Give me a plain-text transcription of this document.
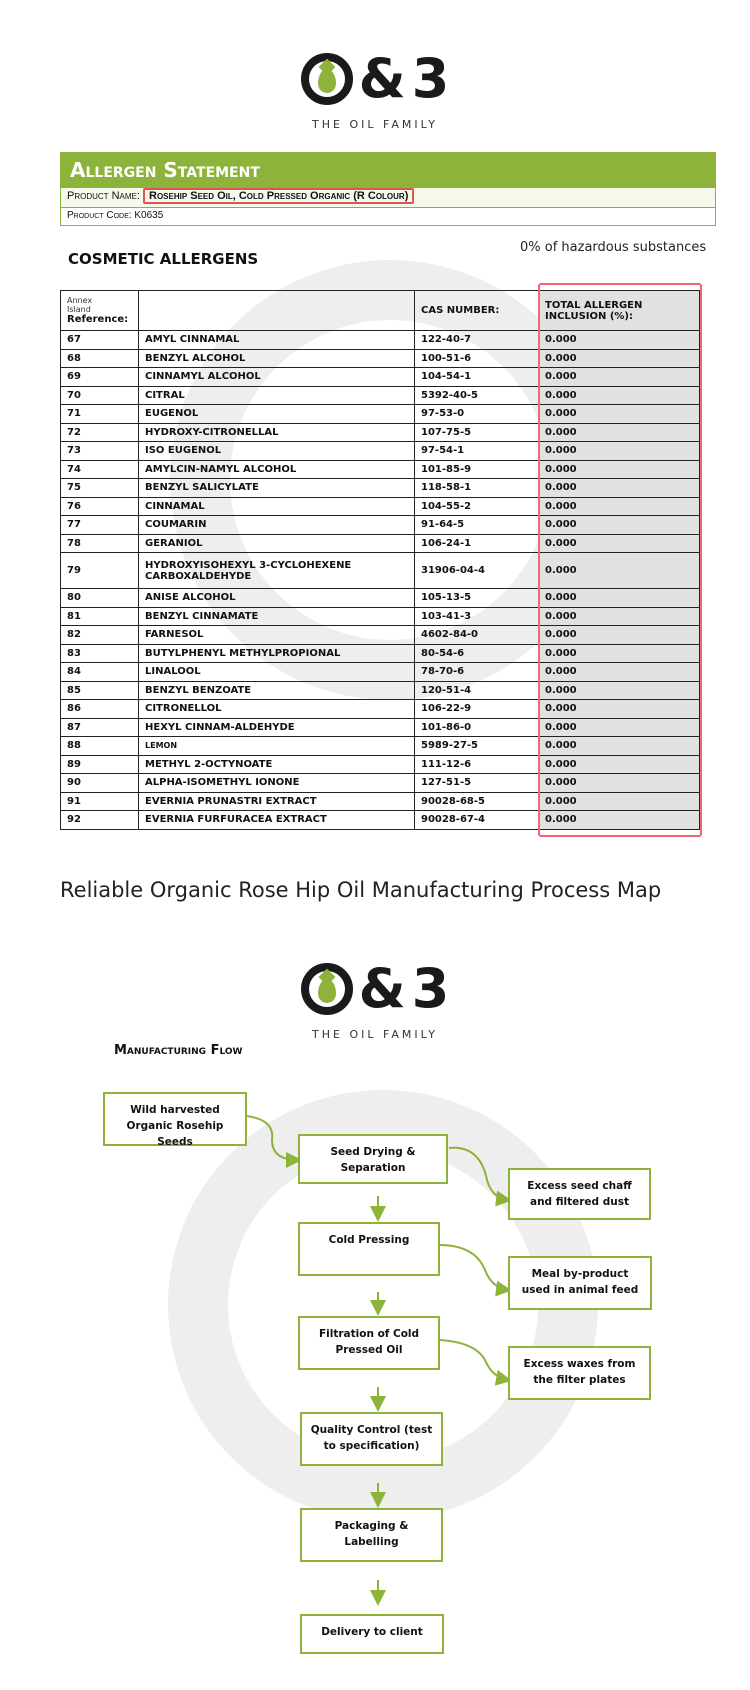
& 3
THE OIL FAMILY
Allergen Statement
Product Name: Rosehip Seed Oil, Cold Pressed Organic (R Colour)
Product Code: K0635
COSMETIC ALLERGENS
0% of hazardous substances
Annex
Island
Reference:		CAS NUMBER:	TOTAL ALLERGEN INCLUSION (%):
67	AMYL CINNAMAL	122-40-7	0.000
68	BENZYL ALCOHOL	100-51-6	0.000
69	CINNAMYL ALCOHOL	104-54-1	0.000
70	CITRAL	5392-40-5	0.000
71	EUGENOL	97-53-0	0.000
72	HYDROXY-CITRONELLAL	107-75-5	0.000
73	ISO EUGENOL	97-54-1	0.000
74	AMYLCIN-NAMYL ALCOHOL	101-85-9	0.000
75	BENZYL SALICYLATE	118-58-1	0.000
76	CINNAMAL	104-55-2	0.000
77	COUMARIN	91-64-5	0.000
78	GERANIOL	106-24-1	0.000
79	HYDROXYISOHEXYL 3-CYCLOHEXENE CARBOXALDEHYDE	31906-04-4	0.000
80	ANISE ALCOHOL	105-13-5	0.000
81	BENZYL CINNAMATE	103-41-3	0.000
82	FARNESOL	4602-84-0	0.000
83	BUTYLPHENYL METHYLPROPIONAL	80-54-6	0.000
84	LINALOOL	78-70-6	0.000
85	BENZYL BENZOATE	120-51-4	0.000
86	CITRONELLOL	106-22-9	0.000
87	HEXYL CINNAM-ALDEHYDE	101-86-0	0.000
88	LEMON	5989-27-5	0.000
89	METHYL 2-OCTYNOATE	111-12-6	0.000
90	ALPHA-ISOMETHYL IONONE	127-51-5	0.000
91	EVERNIA PRUNASTRI EXTRACT	90028-68-5	0.000
92	EVERNIA FURFURACEA EXTRACT	90028-67-4	0.000
Reliable Organic Rose Hip Oil Manufacturing Process Map
& 3
THE OIL FAMILY
Manufacturing Flow
Wild harvested Organic Rosehip Seeds
Seed Drying & Separation
Cold Pressing
Filtration of Cold Pressed Oil
Quality Control (test to specification)
Packaging & Labelling
Delivery to client
Excess seed chaff and filtered dust
Meal by-product used in animal feed
Excess waxes from the filter plates
